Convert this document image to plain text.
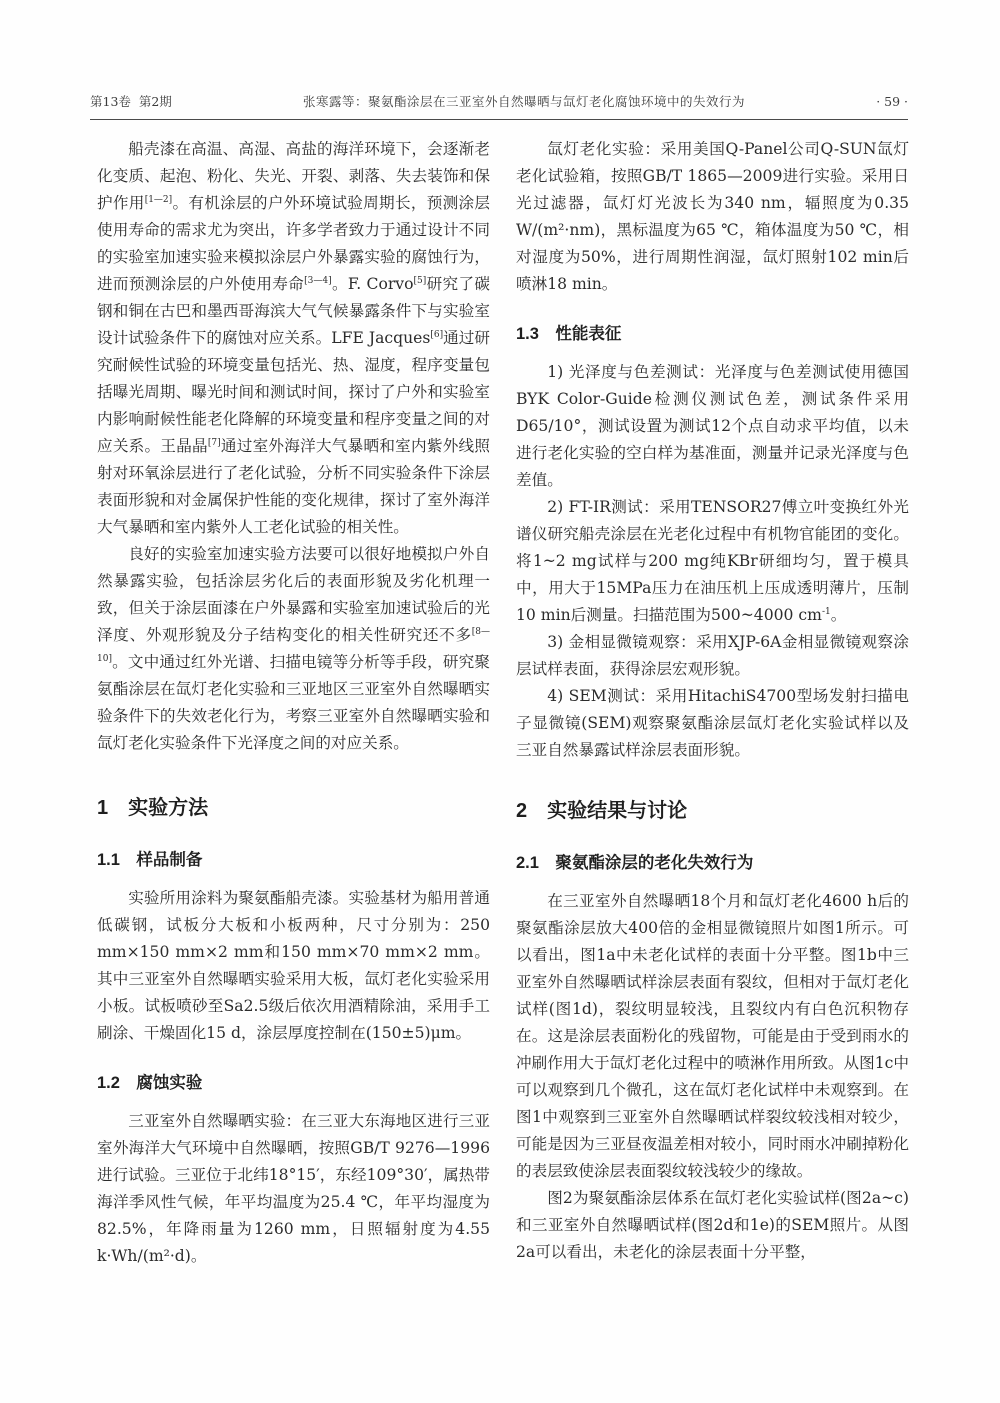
第13卷  第2期	张寒露等：聚氨酯涂层在三亚室外自然曝晒与氙灯老化腐蚀环境中的失效行为	· 59 ·

船壳漆在高温、高湿、高盐的海洋环境下，会逐渐老化变质、起泡、粉化、失光、开裂、剥落、失去装饰和保护作用[1—2]。有机涂层的户外环境试验周期长，预测涂层使用寿命的需求尤为突出，许多学者致力于通过设计不同的实验室加速实验来模拟涂层户外暴露实验的腐蚀行为，进而预测涂层的户外使用寿命[3—4]。F. Corvo[5]研究了碳钢和铜在古巴和墨西哥海滨大气气候暴露条件下与实验室设计试验条件下的腐蚀对应关系。LFE Jacques[6]通过研究耐候性试验的环境变量包括光、热、湿度，程序变量包括曝光周期、曝光时间和测试时间，探讨了户外和实验室内影响耐候性能老化降解的环境变量和程序变量之间的对应关系。王晶晶[7]通过室外海洋大气暴晒和室内紫外线照射对环氧涂层进行了老化试验，分析不同实验条件下涂层表面形貌和对金属保护性能的变化规律，探讨了室外海洋大气暴晒和室内紫外人工老化试验的相关性。

良好的实验室加速实验方法要可以很好地模拟户外自然暴露实验，包括涂层劣化后的表面形貌及劣化机理一致，但关于涂层面漆在户外暴露和实验室加速试验后的光泽度、外观形貌及分子结构变化的相关性研究还不多[8—10]。文中通过红外光谱、扫描电镜等分析等手段，研究聚氨酯涂层在氙灯老化实验和三亚地区三亚室外自然曝晒实验条件下的失效老化行为，考察三亚室外自然曝晒实验和氙灯老化实验条件下光泽度之间的对应关系。

1　实验方法
1.1　样品制备

实验所用涂料为聚氨酯船壳漆。实验基材为船用普通低碳钢，试板分大板和小板两种，尺寸分别为：250 mm×150 mm×2 mm和150 mm×70 mm×2 mm。其中三亚室外自然曝晒实验采用大板，氙灯老化实验采用小板。试板喷砂至Sa2.5级后依次用酒精除油，采用手工刷涂、干燥固化15 d，涂层厚度控制在(150±5)μm。

1.2　腐蚀实验

三亚室外自然曝晒实验：在三亚大东海地区进行三亚室外海洋大气环境中自然曝晒，按照GB/T 9276—1996进行试验。三亚位于北纬18°15′，东经109°30′，属热带海洋季风性气候，年平均温度为25.4 ℃，年平均湿度为82.5%，年降雨量为1260 mm，日照辐射度为4.55 k·Wh/(m²·d)。

氙灯老化实验：采用美国Q-Panel公司Q-SUN氙灯老化试验箱，按照GB/T 1865—2009进行实验。采用日光过滤器，氙灯灯光波长为340 nm，辐照度为0.35 W/(m²·nm)，黑标温度为65 ℃，箱体温度为50 ℃，相对湿度为50%，进行周期性润湿，氙灯照射102 min后喷淋18 min。

1.3　性能表征

1) 光泽度与色差测试：光泽度与色差测试使用德国BYK Color-Guide检测仪测试色差，测试条件采用D65/10°，测试设置为测试12个点自动求平均值，以未进行老化实验的空白样为基准面，测量并记录光泽度与色差值。

2) FT-IR测试：采用TENSOR27傅立叶变换红外光谱仪研究船壳涂层在光老化过程中有机物官能团的变化。将1~2 mg试样与200 mg纯KBr研细均匀，置于模具中，用大于15MPa压力在油压机上压成透明薄片，压制10 min后测量。扫描范围为500~4000 $cm^{-1}$。

3) 金相显微镜观察：采用XJP-6A金相显微镜观察涂层试样表面，获得涂层宏观形貌。

4) SEM测试：采用HitachiS4700型场发射扫描电子显微镜(SEM)观察聚氨酯涂层氙灯老化实验试样以及三亚自然暴露试样涂层表面形貌。

2　实验结果与讨论
2.1　聚氨酯涂层的老化失效行为

在三亚室外自然曝晒18个月和氙灯老化4600 h后的聚氨酯涂层放大400倍的金相显微镜照片如图1所示。可以看出，图1a中未老化试样的表面十分平整。图1b中三亚室外自然曝晒试样涂层表面有裂纹，但相对于氙灯老化试样(图1d)，裂纹明显较浅，且裂纹内有白色沉积物存在。这是涂层表面粉化的残留物，可能是由于受到雨水的冲刷作用大于氙灯老化过程中的喷淋作用所致。从图1c中可以观察到几个微孔，这在氙灯老化试样中未观察到。在图1中观察到三亚室外自然曝晒试样裂纹较浅相对较少，可能是因为三亚昼夜温差相对较小，同时雨水冲刷掉粉化的表层致使涂层表面裂纹较浅较少的缘故。

图2为聚氨酯涂层体系在氙灯老化实验试样(图2a~c)和三亚室外自然曝晒试样(图2d和1e)的SEM照片。从图2a可以看出，未老化的涂层表面十分平整，
